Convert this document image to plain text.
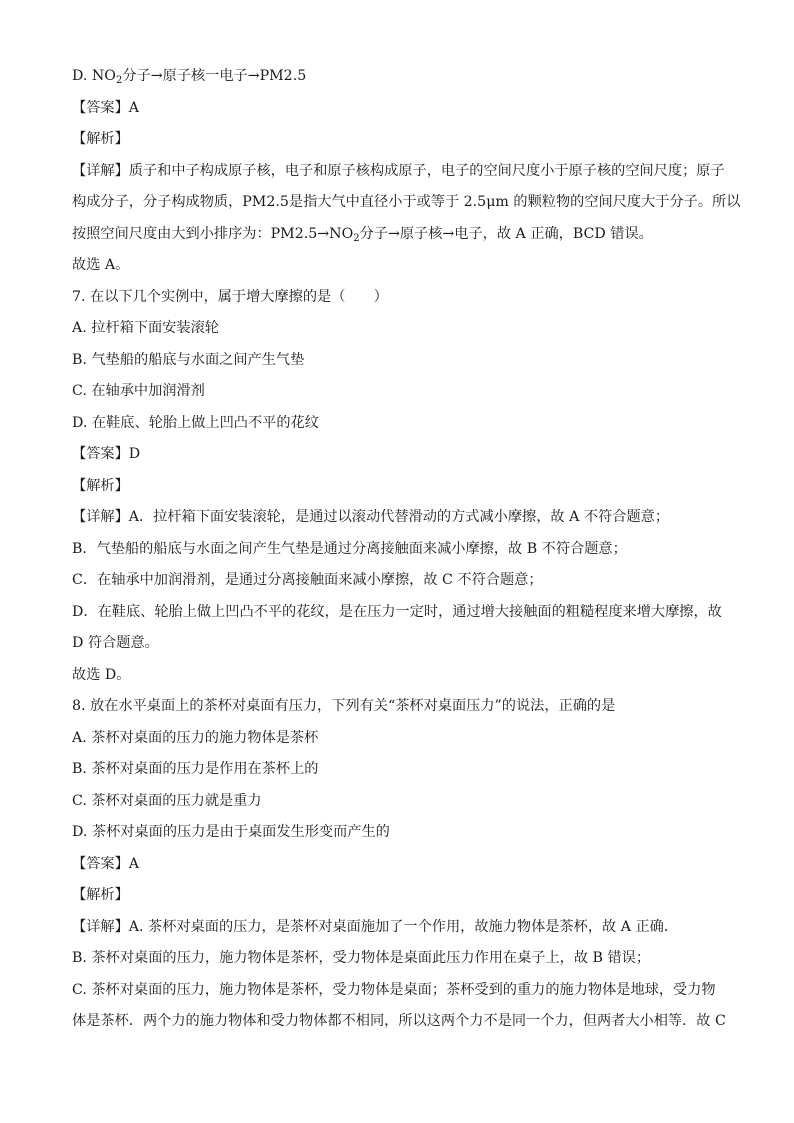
D. $NO_2$分子→原子核一电子→PM2.5
【答案】A
【解析】
【详解】质子和中子构成原子核，电子和原子核构成原子，电子的空间尺度小于原子核的空间尺度；原子
构成分子，分子构成物质，PM2.5是指大气中直径小于或等于 2.5μm 的颗粒物的空间尺度大于分子。所以
按照空间尺度由大到小排序为：$PM2.5\to NO_2$分子→原子核→电子，故 A 正确，BCD 错误。
故选 A。
7. 在以下几个实例中，属于增大摩擦的是（　　）
A. 拉杆箱下面安装滚轮
B. 气垫船的船底与水面之间产生气垫
C. 在轴承中加润滑剂
D. 在鞋底、轮胎上做上凹凸不平的花纹
【答案】D
【解析】
【详解】A．拉杆箱下面安装滚轮，是通过以滚动代替滑动的方式减小摩擦，故 A 不符合题意；
B．气垫船的船底与水面之间产生气垫是通过分离接触面来减小摩擦，故 B 不符合题意；
C．在轴承中加润滑剂，是通过分离接触面来减小摩擦，故 C 不符合题意；
D．在鞋底、轮胎上做上凹凸不平的花纹，是在压力一定时，通过增大接触面的粗糙程度来增大摩擦，故
D 符合题意。
故选 D。
8. 放在水平桌面上的茶杯对桌面有压力，下列有关“茶杯对桌面压力”的说法，正确的是
A. 茶杯对桌面的压力的施力物体是茶杯
B. 茶杯对桌面的压力是作用在茶杯上的
C. 茶杯对桌面的压力就是重力
D. 茶杯对桌面的压力是由于桌面发生形变而产生的
【答案】A
【解析】
【详解】A. 茶杯对桌面的压力，是茶杯对桌面施加了一个作用，故施力物体是茶杯，故 A 正确．
B. 茶杯对桌面的压力，施力物体是茶杯，受力物体是桌面此压力作用在桌子上，故 B 错误；
C. 茶杯对桌面的压力，施力物体是茶杯，受力物体是桌面；茶杯受到的重力的施力物体是地球，受力物
体是茶杯．两个力的施力物体和受力物体都不相同，所以这两个力不是同一个力，但两者大小相等．故 C
